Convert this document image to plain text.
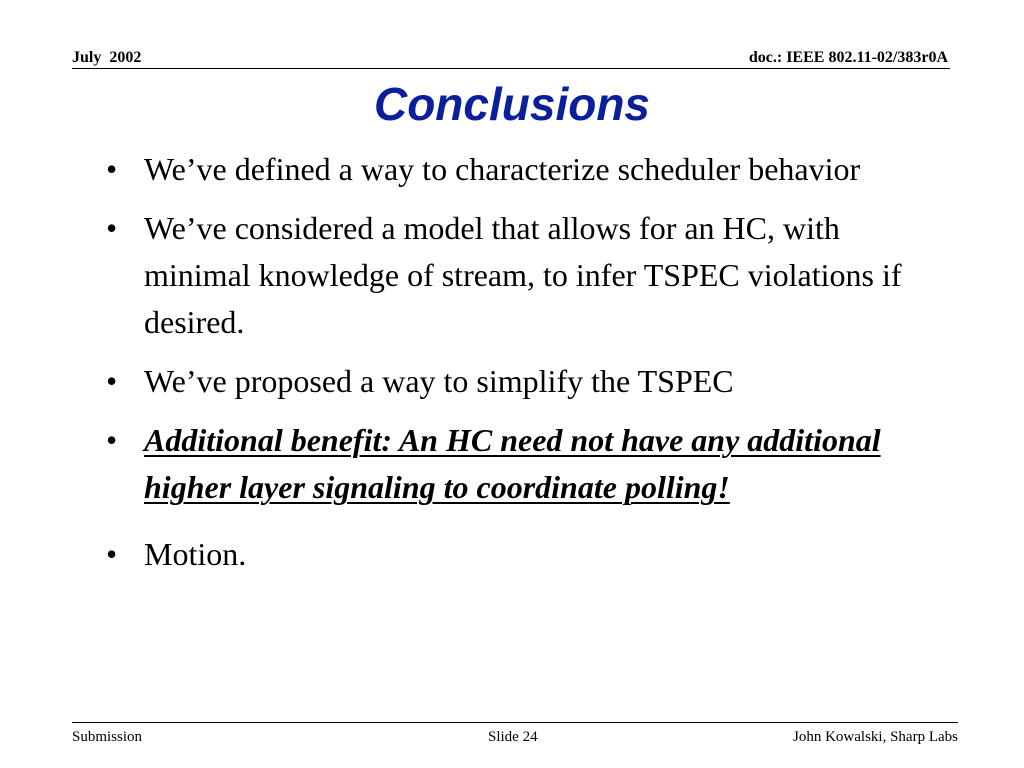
July  2002	doc.: IEEE 802.11-02/383r0A
Conclusions
• We’ve defined a way to characterize scheduler behavior
• We’ve considered a model that allows for an HC, with minimal knowledge of stream, to infer TSPEC violations if desired.
• We’ve proposed a way to simplify the TSPEC
• Additional benefit: An HC need not have any additional higher layer signaling to coordinate polling!
• Motion.
Submission	Slide 24	John Kowalski, Sharp Labs
